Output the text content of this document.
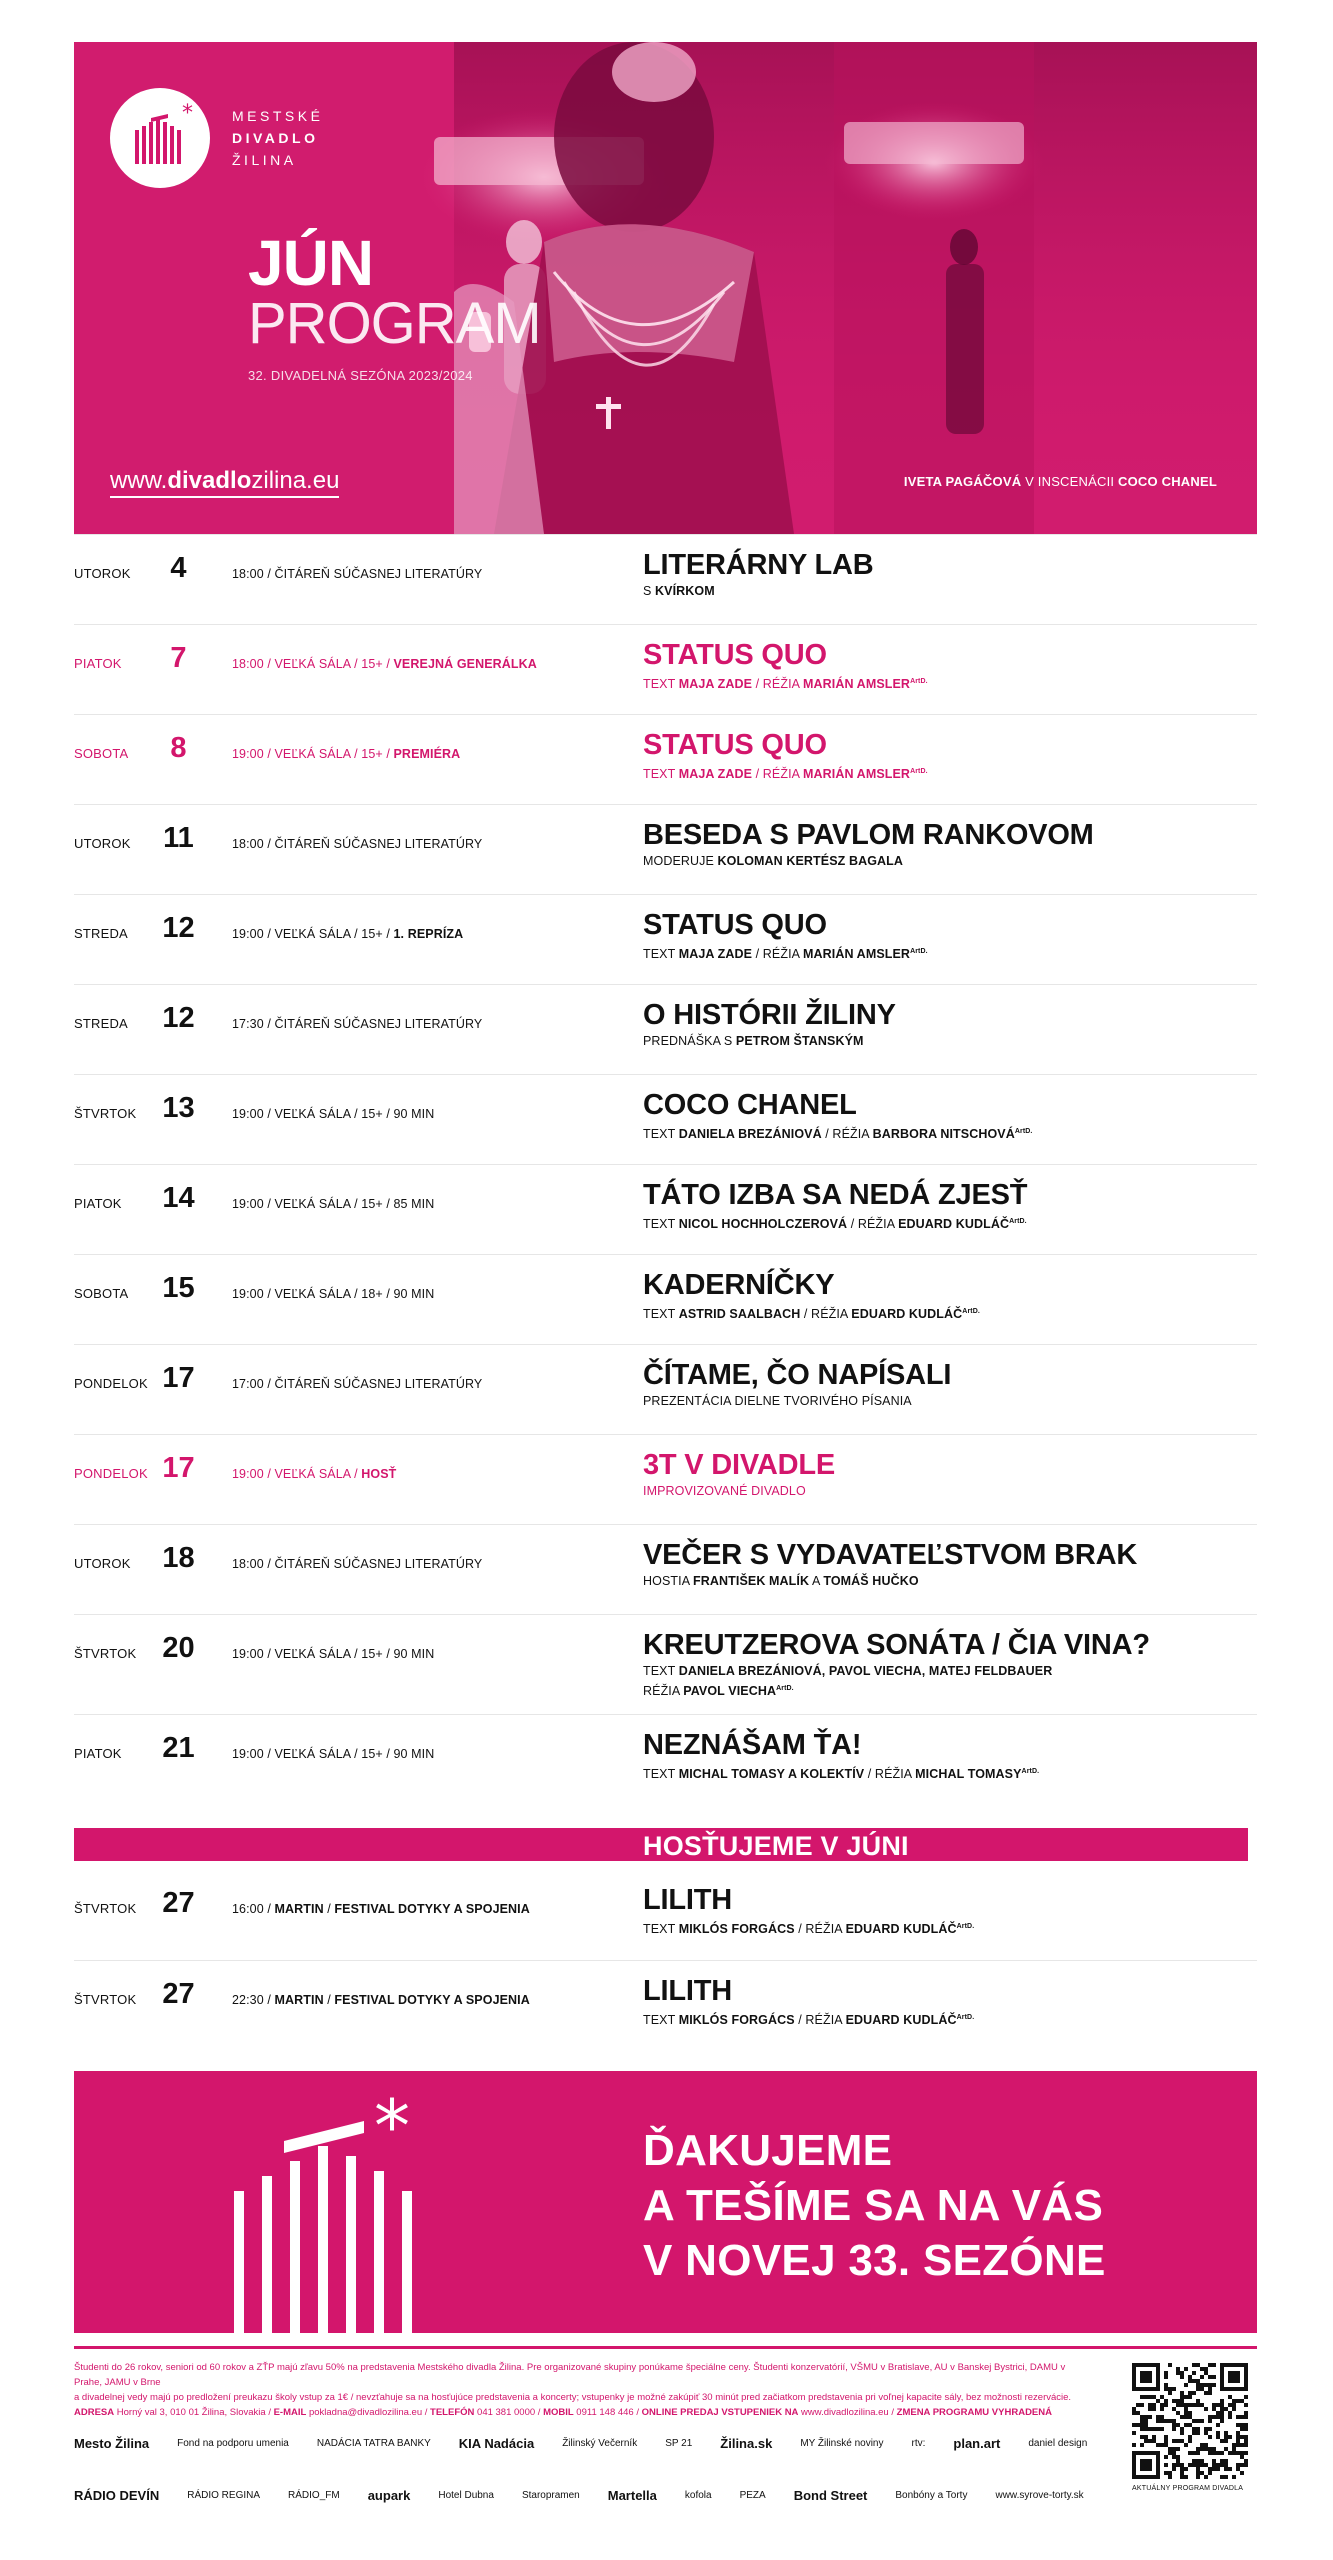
*	MESTSKÉ
DIVADLO
ŽILINA
JÚN
PROGRAM
32. DIVADELNÁ SEZÓNA 2023/2024
www.divadlozilina.eu	IVETA PAGÁČOVÁ V INSCENÁCII COCO CHANEL
UTOROK	4	18:00 / ČITÁREŇ SÚČASNEJ LITERATÚRY	LITERÁRNY LAB
S KVÍRKOM
PIATOK	7	18:00 / VEĽKÁ SÁLA / 15+ / VEREJNÁ GENERÁLKA	STATUS QUO
TEXT MAJA ZADE / RÉŽIA MARIÁN $AMSLER^{ArtD.}$
SOBOTA	8	19:00 / VEĽKÁ SÁLA / 15+ / PREMIÉRA	STATUS QUO
TEXT MAJA ZADE / RÉŽIA MARIÁN $AMSLER^{ArtD.}$
UTOROK 11	18:00 / ČITÁREŇ SÚČASNEJ LITERATÚRY	BESEDA S PAVLOM RANKOVOM
MODERUJE KOLOMAN KERTÉSZ BAGALA
STREDA 12	19:00 / VEĽKÁ SÁLA / 15+ / 1. REPRÍZA	STATUS QUO
TEXT MAJA ZADE / RÉŽIA MARIÁN $AMSLER^{ArtD.}$
STREDA 12	17:30 / ČITÁREŇ SÚČASNEJ LITERATÚRY	O HISTÓRII ŽILINY
PREDNÁŠKA S PETROM ŠTANSKÝM
ŠTVRTOK 13	19:00 / VEĽKÁ SÁLA / 15+ / 90 MIN	COCO CHANEL
TEXT DANIELA BREZÁNIOVÁ / RÉŽIA BARBORA $NITSCHOVÁ^{ArtD.}$
PIATOK 14	19:00 / VEĽKÁ SÁLA / 15+ / 85 MIN	TÁTO IZBA SA NEDÁ ZJESŤ
TEXT NICOL HOCHHOLCZEROVÁ / RÉŽIA EDUARD $KUDLÁČ^{ArtD.}$
SOBOTA 15	19:00 / VEĽKÁ SÁLA / 18+ / 90 MIN	KADERNÍČKY
TEXT ASTRID SAALBACH / RÉŽIA EDUARD $KUDLÁČ^{ArtD.}$
PONDELOK 17	17:00 / ČITÁREŇ SÚČASNEJ LITERATÚRY	ČÍTAME, ČO NAPÍSALI
PREZENTÁCIA DIELNE TVORIVÉHO PÍSANIA
PONDELOK 17	19:00 / VEĽKÁ SÁLA / HOSŤ	3T V DIVADLE
IMPROVIZOVANÉ DIVADLO
UTOROK 18	18:00 / ČITÁREŇ SÚČASNEJ LITERATÚRY	VEČER S VYDAVATEĽSTVOM BRAK
HOSTIA FRANTIŠEK MALÍK A TOMÁŠ HUČKO
ŠTVRTOK 20	19:00 / VEĽKÁ SÁLA / 15+ / 90 MIN	KREUTZEROVA SONÁTA / ČIA VINA?
TEXT DANIELA BREZÁNIOVÁ, PAVOL VIECHA, MATEJ FELDBAUER
RÉŽIA PAVOL $VIECHA^{ArtD.}$
PIATOK 21	19:00 / VEĽKÁ SÁLA / 15+ / 90 MIN	NEZNÁŠAM ŤA!
TEXT MICHAL TOMASY A KOLEKTÍV / RÉŽIA MICHAL $TOMASY^{ArtD.}$
HOSŤUJEME V JÚNI
ŠTVRTOK 27	16:00 / MARTIN / FESTIVAL DOTYKY A SPOJENIA	LILITH
TEXT MIKLÓS FORGÁCS / RÉŽIA EDUARD $KUDLÁČ^{ArtD.}$
ŠTVRTOK 27	22:30 / MARTIN / FESTIVAL DOTYKY A SPOJENIA	LILITH
TEXT MIKLÓS FORGÁCS / RÉŽIA EDUARD $KUDLÁČ^{ArtD.}$
*	ĎAKUJEME
A TEŠÍME SA NA VÁS
V NOVEJ 33. SEZÓNE
Študenti do 26 rokov, seniori od 60 rokov a ZŤP majú zľavu 50% na predstavenia Mestského divadla Žilina. Pre organizované skupiny ponúkame špeciálne ceny. Študenti konzervatórií, VŠMU v Bratislave, AU v Banskej Bystrici, DAMU v Prahe, JAMU v Brne
a divadelnej vedy majú po predložení preukazu školy vstup za 1€ / nevzťahuje sa na hosťujúce predstavenia a koncerty; vstupenky je možné zakúpiť 30 minút pred začiatkom predstavenia pri voľnej kapacite sály, bez možnosti rezervácie.
ADRESA Horný val 3, 010 01 Žilina, Slovakia / E-MAIL pokladna@divadlozilina.eu / TELEFÓN 041 381 0000 / MOBIL 0911 148 446 / ONLINE PREDAJ VSTUPENIEK NA www.divadlozilina.eu / ZMENA PROGRAMU VYHRADENÁ
Mesto Žilina	Fond na podporu umenia	NADÁCIA TATRA BANKY KIA Nadácia	Žilinský Večerník	SP 21 Žilina.sk	MY Žilinské noviny	rtv: plan.art	daniel design
RÁDIO DEVÍN	RÁDIO REGINA	RÁDIO_FM aupark	Hotel Dubna	Staropramen Martella	kofola	PEZA Bond Street	Bonbóny a Torty	www.syrove-torty.sk
AKTUÁLNY PROGRAM DIVADLA
